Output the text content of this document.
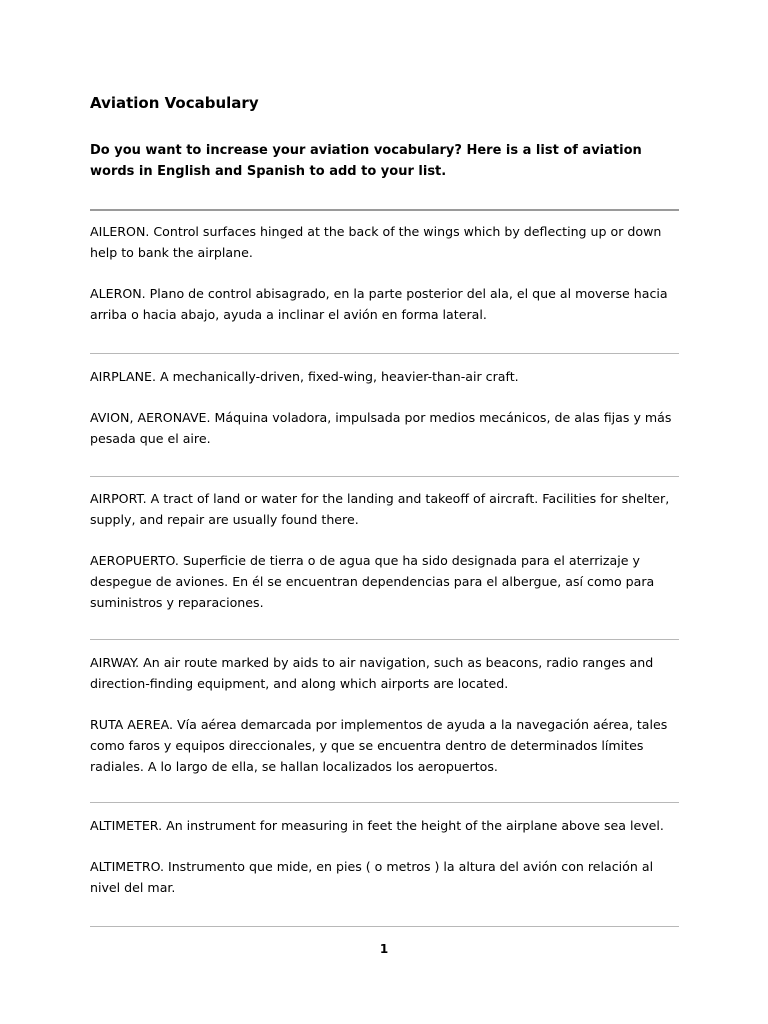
Aviation Vocabulary

Do you want to increase your aviation vocabulary? Here is a list of aviation words in English and Spanish to add to your list.

AILERON. Control surfaces hinged at the back of the wings which by deflecting up or down help to bank the airplane.

ALERON. Plano de control abisagrado, en la parte posterior del ala, el que al moverse hacia arriba o hacia abajo, ayuda a inclinar el avión en forma lateral.

AIRPLANE. A mechanically-driven, fixed-wing, heavier-than-air craft.

AVION, AERONAVE. Máquina voladora, impulsada por medios mecánicos, de alas fijas y más pesada que el aire.

AIRPORT. A tract of land or water for the landing and takeoff of aircraft. Facilities for shelter, supply, and repair are usually found there.

AEROPUERTO. Superficie de tierra o de agua que ha sido designada para el aterrizaje y despegue de aviones. En él se encuentran dependencias para el albergue, así como para suministros y reparaciones.

AIRWAY. An air route marked by aids to air navigation, such as beacons, radio ranges and direction-finding equipment, and along which airports are located.

RUTA AEREA. Vía aérea demarcada por implementos de ayuda a la navegación aérea, tales como faros y equipos direccionales, y que se encuentra dentro de determinados límites radiales. A lo largo de ella, se hallan localizados los aeropuertos.

ALTIMETER. An instrument for measuring in feet the height of the airplane above sea level.

ALTIMETRO. Instrumento que mide, en pies ( o metros ) la altura del avión con relación al nivel del mar.

1
